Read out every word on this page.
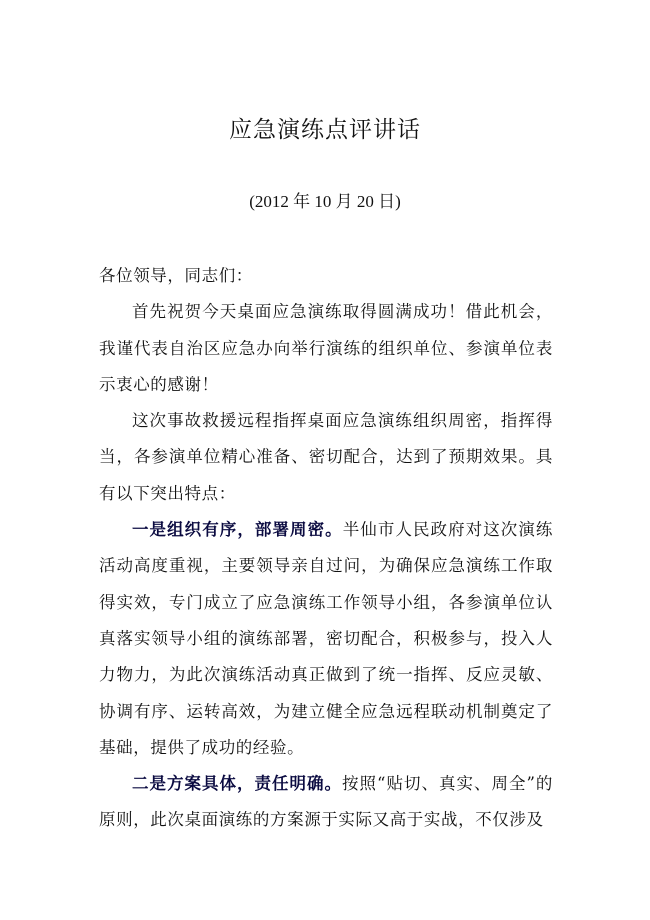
应急演练点评讲话
(2012 年 10 月 20 日)

各位领导，同志们：

首先祝贺今天桌面应急演练取得圆满成功！借此机会，我谨代表自治区应急办向举行演练的组织单位、参演单位表示衷心的感谢！

这次事故救援远程指挥桌面应急演练组织周密，指挥得当，各参演单位精心准备、密切配合，达到了预期效果。具有以下突出特点：

一是组织有序，部署周密。半仙市人民政府对这次演练活动高度重视，主要领导亲自过问，为确保应急演练工作取得实效，专门成立了应急演练工作领导小组，各参演单位认真落实领导小组的演练部署，密切配合，积极参与，投入人力物力，为此次演练活动真正做到了统一指挥、反应灵敏、协调有序、运转高效，为建立健全应急远程联动机制奠定了基础，提供了成功的经验。

二是方案具体，责任明确。按照“贴切、真实、周全”的原则，此次桌面演练的方案源于实际又高于实战，不仅涉及
